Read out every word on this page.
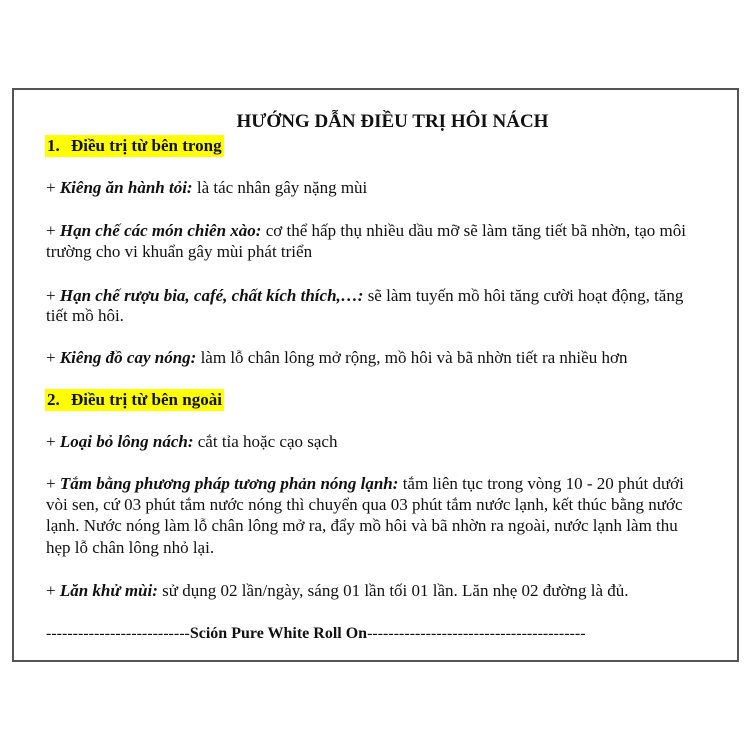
HƯỚNG DẪN ĐIỀU TRỊ HÔI NÁCH
1. Điều trị từ bên trong
+ Kiêng ăn hành tỏi: là tác nhân gây nặng mùi
+ Hạn chế các món chiên xào: cơ thể hấp thụ nhiều dầu mỡ sẽ làm tăng tiết bã nhờn, tạo môi
trường cho vi khuẩn gây mùi phát triển
+ Hạn chế rượu bia, café, chất kích thích,…: sẽ làm tuyến mồ hôi tăng cười hoạt động, tăng
tiết mồ hôi.
+ Kiêng đồ cay nóng: làm lỗ chân lông mở rộng, mồ hôi và bã nhờn tiết ra nhiều hơn
2. Điều trị từ bên ngoài
+ Loại bỏ lông nách: cắt tỉa hoặc cạo sạch
+ Tắm bằng phương pháp tương phản nóng lạnh: tắm liên tục trong vòng 10 - 20 phút dưới
vòi sen, cứ 03 phút tắm nước nóng thì chuyển qua 03 phút tắm nước lạnh, kết thúc bằng nước
lạnh. Nước nóng làm lỗ chân lông mở ra, đẩy mồ hôi và bã nhờn ra ngoài, nước lạnh làm thu
hẹp lỗ chân lông nhỏ lại.
+ Lăn khử mùi: sử dụng 02 lần/ngày, sáng 01 lần tối 01 lần. Lăn nhẹ 02 đường là đủ.
---------------------------Sción Pure White Roll On-----------------------------------------
